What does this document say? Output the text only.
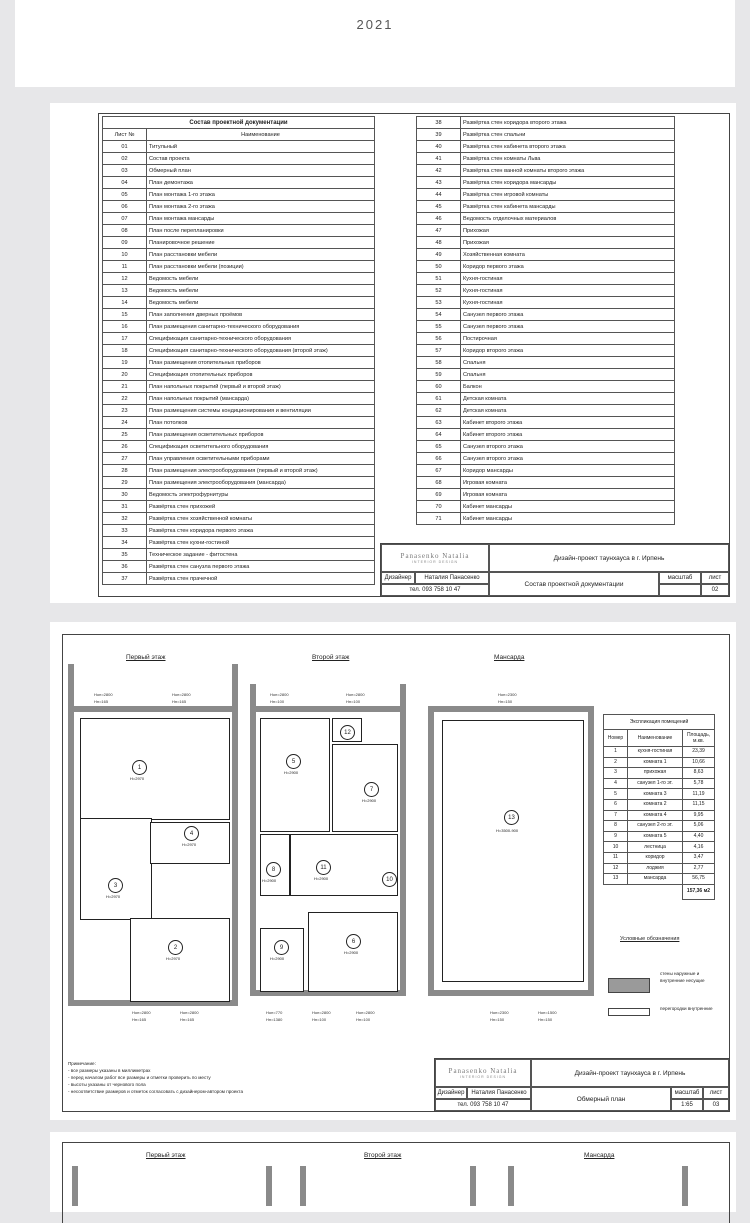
2021
Состав проектной документации	
Лист №	Наименование
01	Титульный
02	Состав проекта
03	Обмерный план
04	План демонтажа
05	План монтажа 1-го этажа
06	План монтажа 2-го этажа
07	План монтажа мансарды
08	План после перепланировки
09	Планировочное решение
10	План расстановки мебели
11	План расстановки мебели (позиции)
12	Ведомость мебели
13	Ведомость мебели
14	Ведомость мебели
15	План заполнения дверных проёмов
16	План размещения санитарно-технического оборудования
17	Спецификация санитарно-технического оборудования
18	Спецификация санитарно-технического оборудования (второй этаж)
19	План размещения отопительных приборов
20	Спецификация отопительных приборов
21	План напольных покрытий (первый и второй этаж)
22	План напольных покрытий (мансарда)
23	План размещения системы кондиционирования и вентиляции
24	План потолков
25	План размещения осветительных приборов
26	Спецификация осветительного оборудования
27	План управления осветительными приборами
28	План размещения электрооборудования (первый и второй этаж)
29	План размещения электрооборудования (мансарда)
30	Ведомость электрофурнитуры
31	Развёртка стен прихожей
32	Развёртка стен хозяйственной комнаты
33	Развёртка стен коридора первого этажа
34	Развёртка стен кухни-гостиной
35	Техническое задание - фитостена
36	Развёртка стен санузла первого этажа
37	Развёртка стен прачечной
38	Развёртка стен коридора второго этажа
39	Развёртка стен спальни
40	Развёртка стен кабинета второго этажа
41	Развёртка стен комнаты Льва
42	Развёртка стен ванной комнаты второго этажа
43	Развёртка стен коридора мансарды
44	Развёртка стен игровой комнаты
45	Развёртка стен кабинета мансарды
46	Ведомость отделочных материалов
47	Прихожая
48	Прихожая
49	Хозяйственная комната
50	Коридор первого этажа
51	Кухня-гостиная
52	Кухня-гостиная
53	Кухня-гостиная
54	Санузел первого этажа
55	Санузел первого этажа
56	Постирочная
57	Коридор второго этажа
58	Спальня
59	Спальня
60	Балкон
61	Детская комната
62	Детская комната
63	Кабинет второго этажа
64	Кабинет второго этажа
65	Санузел второго этажа
66	Санузел второго этажа
67	Коридор мансарды
68	Игровая комната
69	Игровая комната
70	Кабинет мансарды
71	Кабинет мансарды
Panasenko Natalia
INTERIOR DESIGN
Дизайн-проект таунхауса в г. Ирпень
Дизайнер	Наталия Панасенко
тел. 093 758 10 47
Состав проектной документации
масштаб	лист
02
Первый этаж	Второй этаж	Мансарда
1
H=2970
4
H=2970
3
H=2970
2
H=2970
Hон=2800
Нн=165
Нон=2800
Нн=165
Нон=2800
Нн=165
Нон=2800
Нн=165
5
H=2900
12
7
H=2900
8
H=2900
11
H=2900	10
9
H=2900
6
H=2900
Нон=2800
Нн=100
Нон=2800
Нн=100
Нон=770
Нн=1380
Нон=2800
Нн=100
Нон=2800
Нн=100
13
H=3500-900
Нон=2300
Нн=150
Нон=2300
Нн=150
Нон=1500
Нн=150
Экспликация помещений		
Номер	Наименование	Площадь, м.кв.
1	кухня-гостиная	23,39
2	комната 1	10,66
3	прихожая	8,63
4	санузел 1-го эт.	5,78
5	комната 3	11,19
6	комната 2	11,15
7	комната 4	9,95
8	санузел 2-го эт.	5,06
9	комната 5	4,40
10	лестница	4,16
11	коридор	3,47
12	лоджия	2,77
13	мансарда	56,75
		157,36 м2
Условные обозначения
стены наружные и внутренние несущие
перегородки внутренние
Примечание:
- все размеры указаны в миллиметрах
- перед началом работ все размеры и отметки проверить по месту
- высоты указаны от чернового пола
- несоответствие размеров и отметок согласовать с дизайнером-автором проекта
Panasenko Natalia
INTERIOR DESIGN
Дизайн-проект таунхауса в г. Ирпень
Дизайнер	Наталия Панасенко
тел. 093 758 10 47
Обмерный план
масштаб	лист
1:65	03
Первый этаж	Второй этаж	Мансарда
